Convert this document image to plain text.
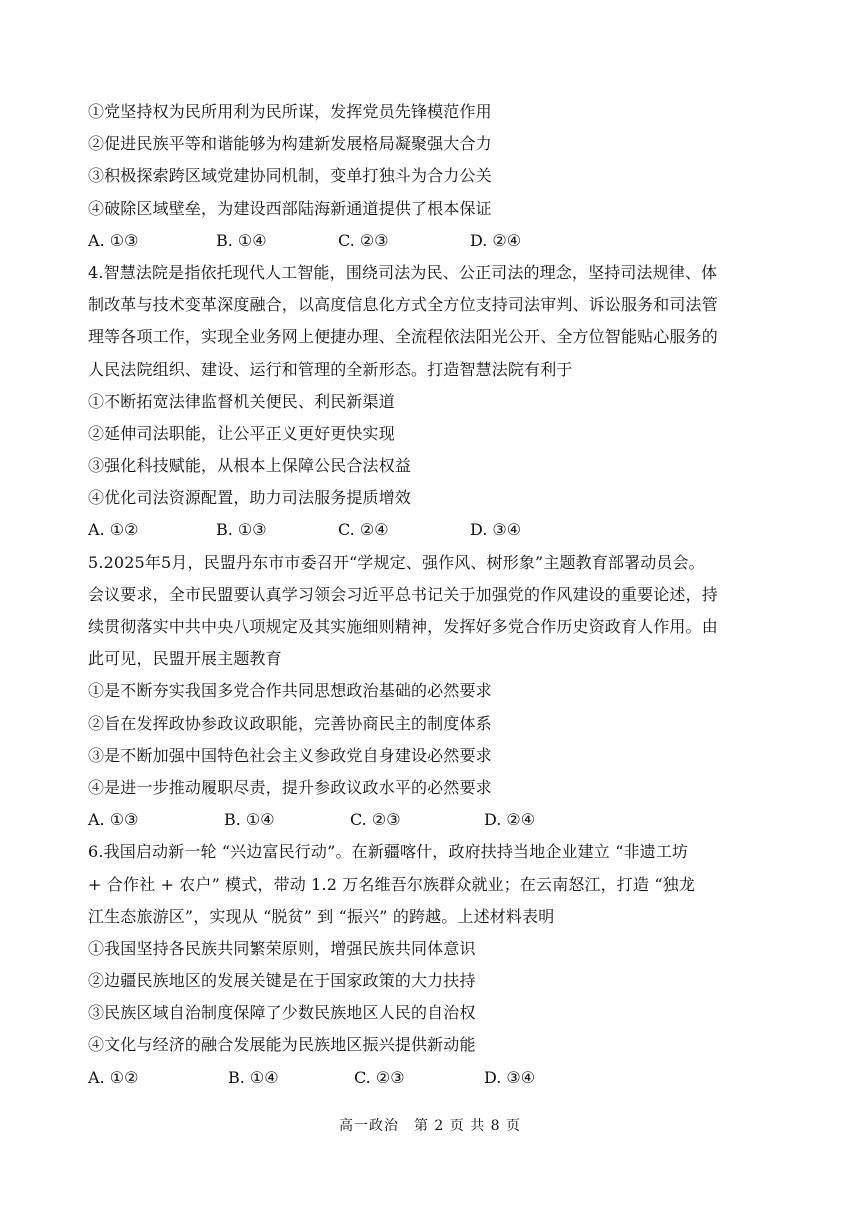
①党坚持权为民所用利为民所谋，发挥党员先锋模范作用
②促进民族平等和谐能够为构建新发展格局凝聚强大合力
③积极探索跨区域党建协同机制，变单打独斗为合力公关
④破除区域壁垒，为建设西部陆海新通道提供了根本保证
A. ①③	B. ①④	C. ②③	D. ②④
4.智慧法院是指依托现代人工智能，围绕司法为民、公正司法的理念，坚持司法规律、体
制改革与技术变革深度融合，以高度信息化方式全方位支持司法审判、诉讼服务和司法管
理等各项工作，实现全业务网上便捷办理、全流程依法阳光公开、全方位智能贴心服务的
人民法院组织、建设、运行和管理的全新形态。打造智慧法院有利于
①不断拓宽法律监督机关便民、利民新渠道
②延伸司法职能，让公平正义更好更快实现
③强化科技赋能，从根本上保障公民合法权益
④优化司法资源配置，助力司法服务提质增效
A. ①②	B. ①③	C. ②④	D. ③④
5.2025年5月，民盟丹东市市委召开“学规定、强作风、树形象”主题教育部署动员会。
会议要求，全市民盟要认真学习领会习近平总书记关于加强党的作风建设的重要论述，持
续贯彻落实中共中央八项规定及其实施细则精神，发挥好多党合作历史资政育人作用。由
此可见，民盟开展主题教育
①是不断夯实我国多党合作共同思想政治基础的必然要求
②旨在发挥政协参政议政职能，完善协商民主的制度体系
③是不断加强中国特色社会主义参政党自身建设必然要求
④是进一步推动履职尽责，提升参政议政水平的必然要求
A. ①③	B. ①④	C. ②③	D. ②④
6.我国启动新一轮 “兴边富民行动”。在新疆喀什，政府扶持当地企业建立 “非遗工坊
+ 合作社 + 农户” 模式，带动 1.2 万名维吾尔族群众就业；在云南怒江，打造 “独龙
江生态旅游区”，实现从 “脱贫” 到 “振兴” 的跨越。上述材料表明
①我国坚持各民族共同繁荣原则，增强民族共同体意识
②边疆民族地区的发展关键是在于国家政策的大力扶持
③民族区域自治制度保障了少数民族地区人民的自治权
④文化与经济的融合发展能为民族地区振兴提供新动能
A. ①②	B. ①④	C. ②③	D. ③④
高一政治　第 2 页 共 8 页
